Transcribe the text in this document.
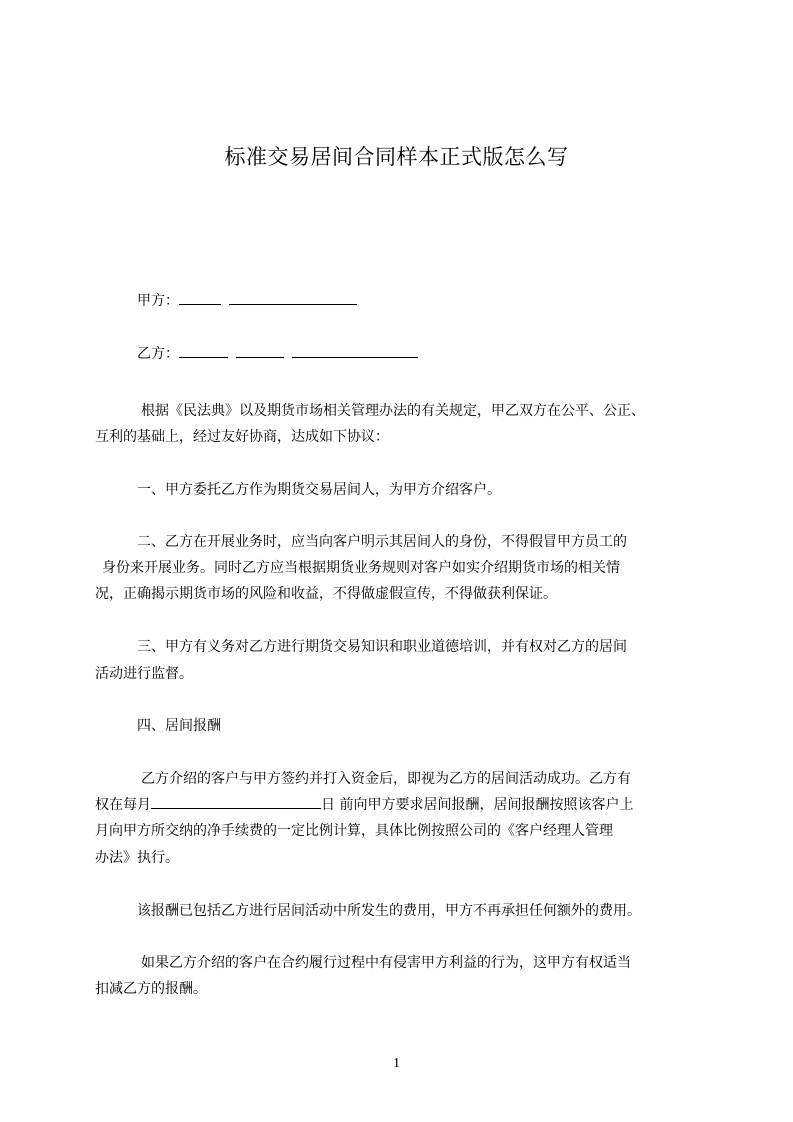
标准交易居间合同样本正式版怎么写
甲方：
乙方：
根据《民法典》以及期货市场相关管理办法的有关规定，甲乙双方在公平、公正、
互利的基础上，经过友好协商，达成如下协议：
一、甲方委托乙方作为期货交易居间人，为甲方介绍客户。
二、乙方在开展业务时，应当向客户明示其居间人的身份，不得假冒甲方员工的
身份来开展业务。同时乙方应当根据期货业务规则对客户如实介绍期货市场的相关情
况，正确揭示期货市场的风险和收益，不得做虚假宣传，不得做获利保证。
三、甲方有义务对乙方进行期货交易知识和职业道德培训，并有权对乙方的居间
活动进行监督。
四、居间报酬
乙方介绍的客户与甲方签约并打入资金后，即视为乙方的居间活动成功。乙方有
权在每月	日 前向甲方要求居间报酬，居间报酬按照该客户上
月向甲方所交纳的净手续费的一定比例计算，具体比例按照公司的《客户经理人管理
办法》执行。
该报酬已包括乙方进行居间活动中所发生的费用，甲方不再承担任何额外的费用。
如果乙方介绍的客户在合约履行过程中有侵害甲方利益的行为，这甲方有权适当
扣减乙方的报酬。
1
